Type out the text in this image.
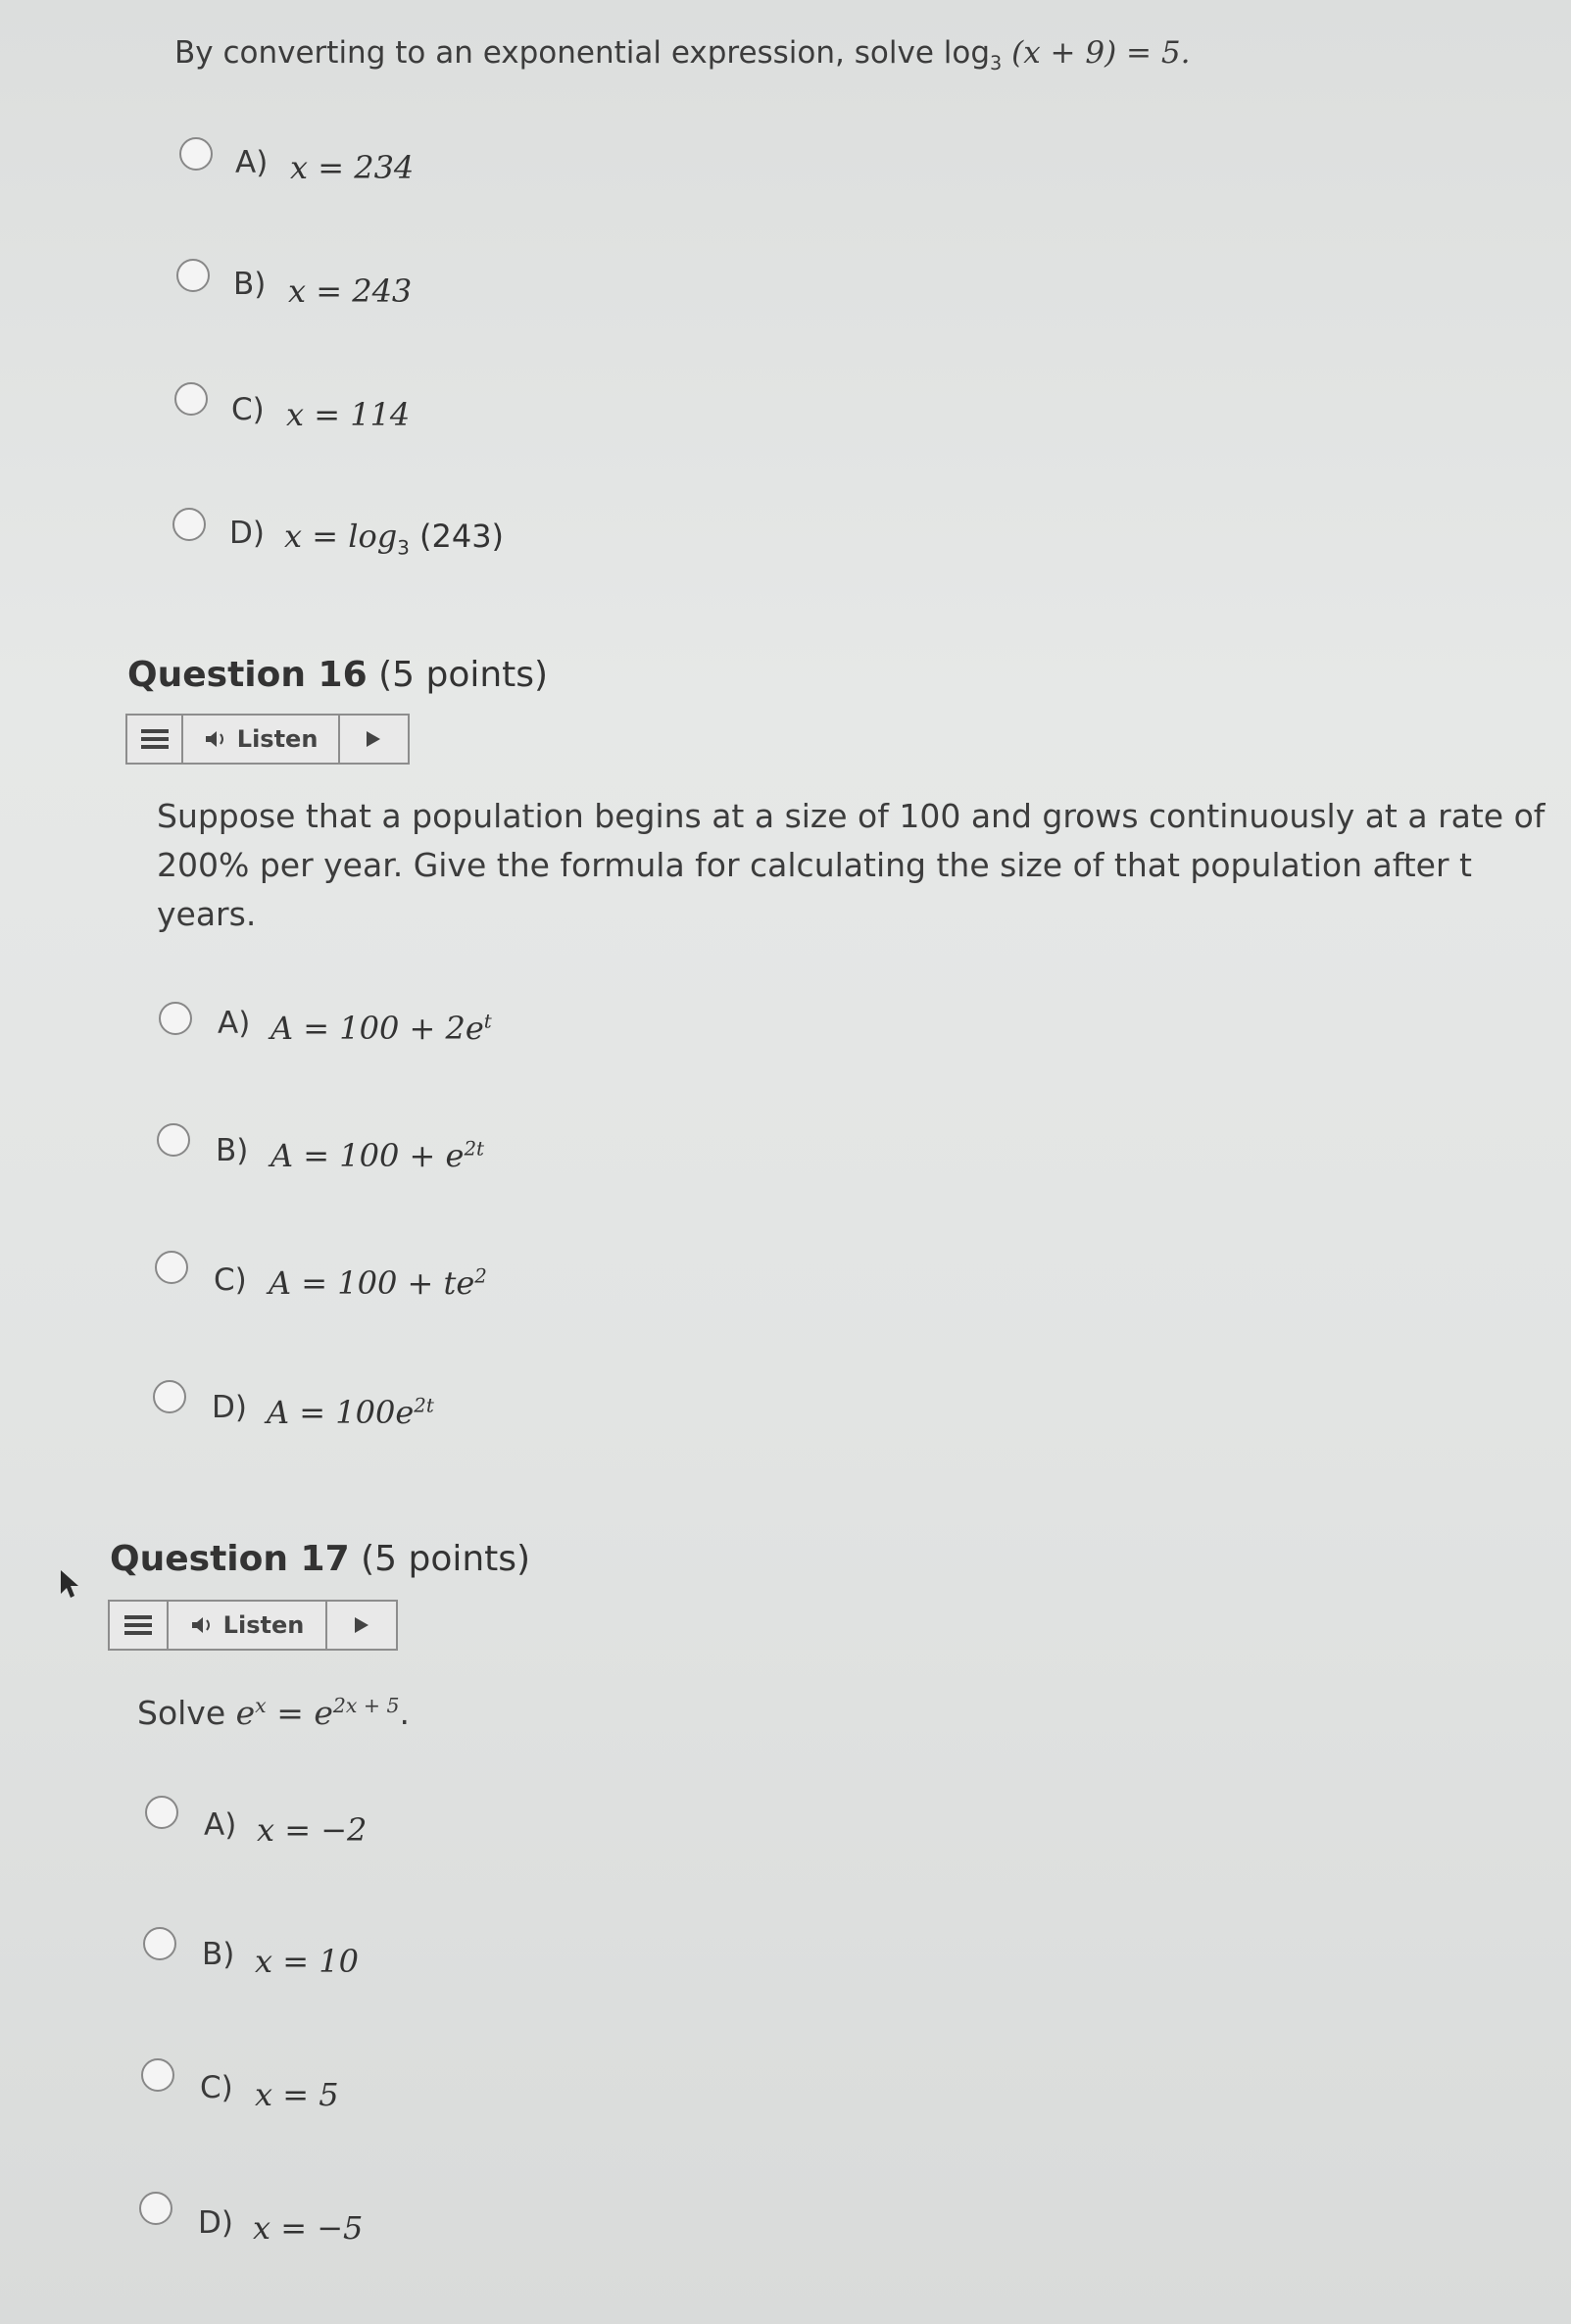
By converting to an exponential expression, solve $\log_3 (x + 9) = 5$.
A) x = 234
B) x = 243
C) x = 114
D) $x = \log_3 (243)$
Question 16 (5 points)
Listen
Suppose that a population begins at a size of 100 and grows continuously at a rate of
200% per year. Give the formula for calculating the size of that population after t
years.
A) $A = 100 + 2e^t$
B) $A = 100 + e^{2t}$
C) $A = 100 + te^2$
D) $A = 100e^{2t}$
Question 17 (5 points)
Listen
Solve $e^x = e^{2x + 5}$.
A) x = −2
B) x = 10
C) x = 5
D) x = −5
